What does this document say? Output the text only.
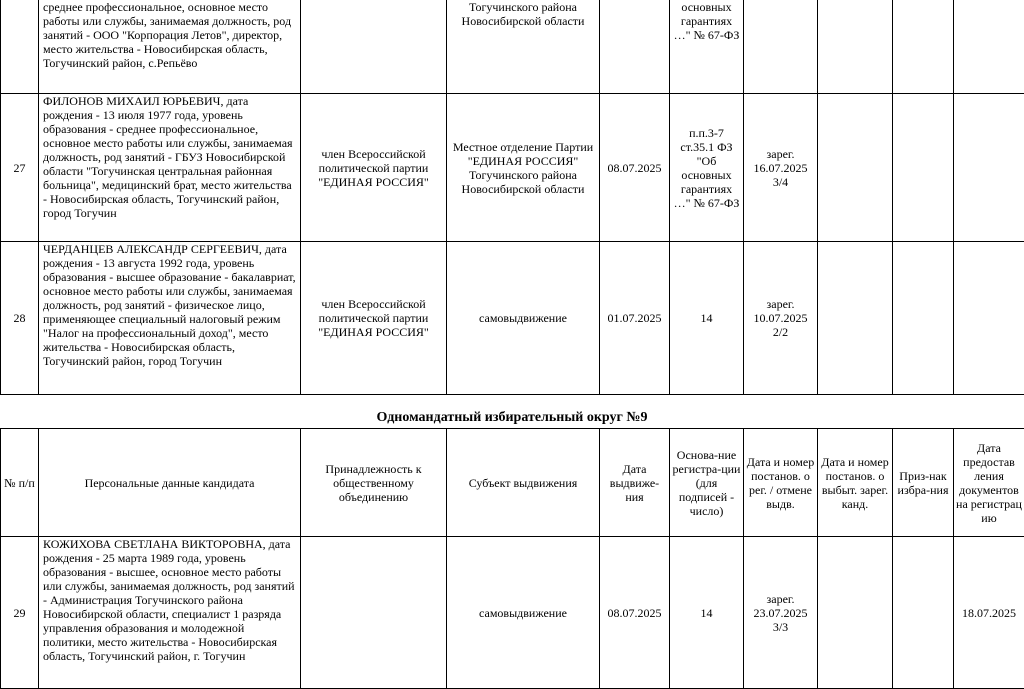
	среднее профессиональное, основное место работы или службы, занимаемая должность, род занятий - ООО "Корпорация Летов", директор, место жительства - Новосибирская область, Тогучинский район, с.Репьёво		Тогучинского района Новосибирской области		основных гарантиях …" № 67-ФЗ				
27	ФИЛОНОВ МИХАИЛ ЮРЬЕВИЧ, дата рождения - 13 июля 1977 года, уровень образования - среднее профессиональное, основное место работы или службы, занимаемая должность, род занятий - ГБУЗ Новосибирской области "Тогучинская центральная районная больница", медицинский брат, место жительства - Новосибирская область, Тогучинский район, город Тогучин	член Всероссийской политической партии "ЕДИНАЯ РОССИЯ"	Местное отделение Партии "ЕДИНАЯ РОССИЯ" Тогучинского района Новосибирской области	08.07.2025	п.п.3-7 ст.35.1 ФЗ "Об основных гарантиях …" № 67-ФЗ	зарег. 16.07.2025 3/4			
28	ЧЕРДАНЦЕВ АЛЕКСАНДР СЕРГЕЕВИЧ, дата рождения - 13 августа 1992 года, уровень образования - высшее образование - бакалавриат, основное место работы или службы, занимаемая должность, род занятий - физическое лицо, применяющее специальный налоговый режим "Налог на профессиональный доход", место жительства - Новосибирская область, Тогучинский район, город Тогучин	член Всероссийской политической партии "ЕДИНАЯ РОССИЯ"	самовыдвижение	01.07.2025	14	зарег. 10.07.2025 2/2			
Одномандатный избирательный округ №9
№ п/п	Персональные данные кандидата	Принадлежность к общественному объединению	Субъект выдвижения	Дата выдвиже-ния	Основа-ние регистра-ции (для подписей - число)	Дата и номер постанов. о рег. / отмене выдв.	Дата и номер постанов. о выбыт. зарег. канд.	Приз-нак избра-ния	Дата предостав ления документов на регистрац ию
29	КОЖИХОВА СВЕТЛАНА ВИКТОРОВНА, дата рождения - 25 марта 1989 года, уровень образования - высшее, основное место работы или службы, занимаемая должность, род занятий - Администрация Тогучинского района Новосибирской области, специалист 1 разряда управления образования и молодежной политики, место жительства - Новосибирская область, Тогучинский район, г. Тогучин		самовыдвижение	08.07.2025	14	зарег. 23.07.2025 3/3			18.07.2025
